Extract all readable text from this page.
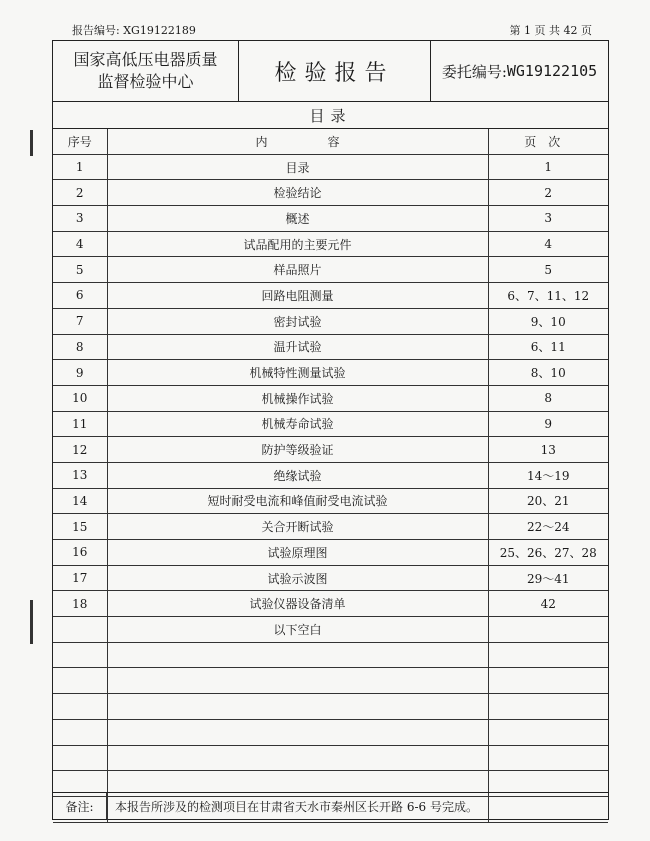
报告编号: XG19122189	第 1 页 共 42 页
国家高低压电器质量
监督检验中心	检验报告	委托编号: WG19122105
目录
序号	内容	页次
1	目录	1
2	检验结论	2
3	概述	3
4	试品配用的主要元件	4
5	样品照片	5
6	回路电阻测量	6、7、11、12
7	密封试验	9、10
8	温升试验	6、11
9	机械特性测量试验	8、10
10	机械操作试验	8
11	机械寿命试验	9
12	防护等级验证	13
13	绝缘试验	14～19
14	短时耐受电流和峰值耐受电流试验	20、21
15	关合开断试验	22～24
16	试验原理图	25、26、27、28
17	试验示波图	29～41
18	试验仪器设备清单	42
	以下空白	

备注:	本报告所涉及的检测项目在甘肃省天水市秦州区长开路 6-6 号完成。
